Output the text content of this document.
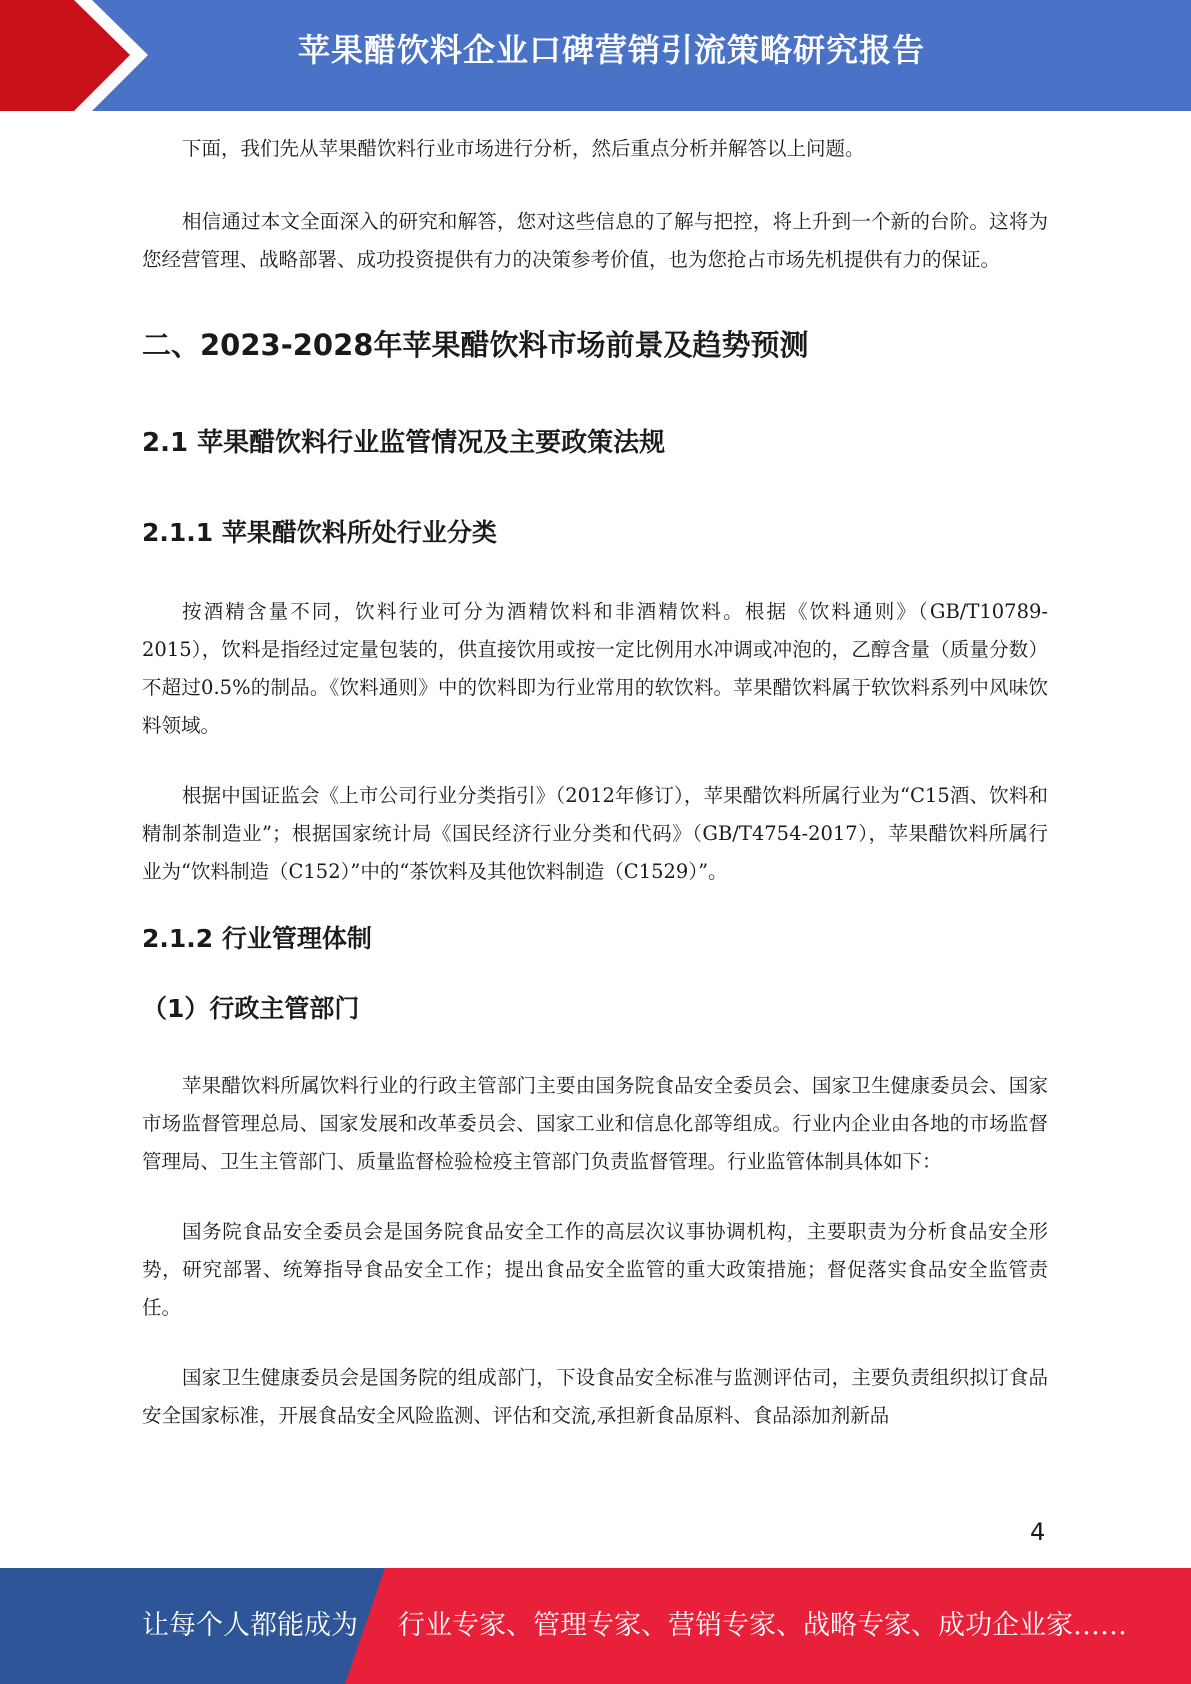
苹果醋饮料企业口碑营销引流策略研究报告

下面，我们先从苹果醋饮料行业市场进行分析，然后重点分析并解答以上问题。

相信通过本文全面深入的研究和解答，您对这些信息的了解与把控，将上升到一个新的台阶。这将为您经营管理、战略部署、成功投资提供有力的决策参考价值，也为您抢占市场先机提供有力的保证。

二、2023-2028年苹果醋饮料市场前景及趋势预测
2.1 苹果醋饮料行业监管情况及主要政策法规
2.1.1 苹果醋饮料所处行业分类

按酒精含量不同，饮料行业可分为酒精饮料和非酒精饮料。根据《饮料通则》（GB/T10789-2015），饮料是指经过定量包装的，供直接饮用或按一定比例用水冲调或冲泡的，乙醇含量（质量分数）不超过0.5%的制品。《饮料通则》中的饮料即为行业常用的软饮料。苹果醋饮料属于软饮料系列中风味饮料领域。

根据中国证监会《上市公司行业分类指引》（2012年修订），苹果醋饮料所属行业为“C15酒、饮料和精制茶制造业”；根据国家统计局《国民经济行业分类和代码》（GB/T4754-2017），苹果醋饮料所属行业为“饮料制造（C152）”中的“茶饮料及其他饮料制造（C1529）”。

2.1.2 行业管理体制
（1）行政主管部门

苹果醋饮料所属饮料行业的行政主管部门主要由国务院食品安全委员会、国家卫生健康委员会、国家市场监督管理总局、国家发展和改革委员会、国家工业和信息化部等组成。行业内企业由各地的市场监督管理局、卫生主管部门、质量监督检验检疫主管部门负责监督管理。行业监管体制具体如下：

国务院食品安全委员会是国务院食品安全工作的高层次议事协调机构，主要职责为分析食品安全形势，研究部署、统筹指导食品安全工作；提出食品安全监管的重大政策措施；督促落实食品安全监管责任。

国家卫生健康委员会是国务院的组成部门，下设食品安全标准与监测评估司，主要负责组织拟订食品安全国家标准，开展食品安全风险监测、评估和交流,承担新食品原料、食品添加剂新品

4
让每个人都能成为 行业专家、管理专家、营销专家、战略专家、成功企业家……
